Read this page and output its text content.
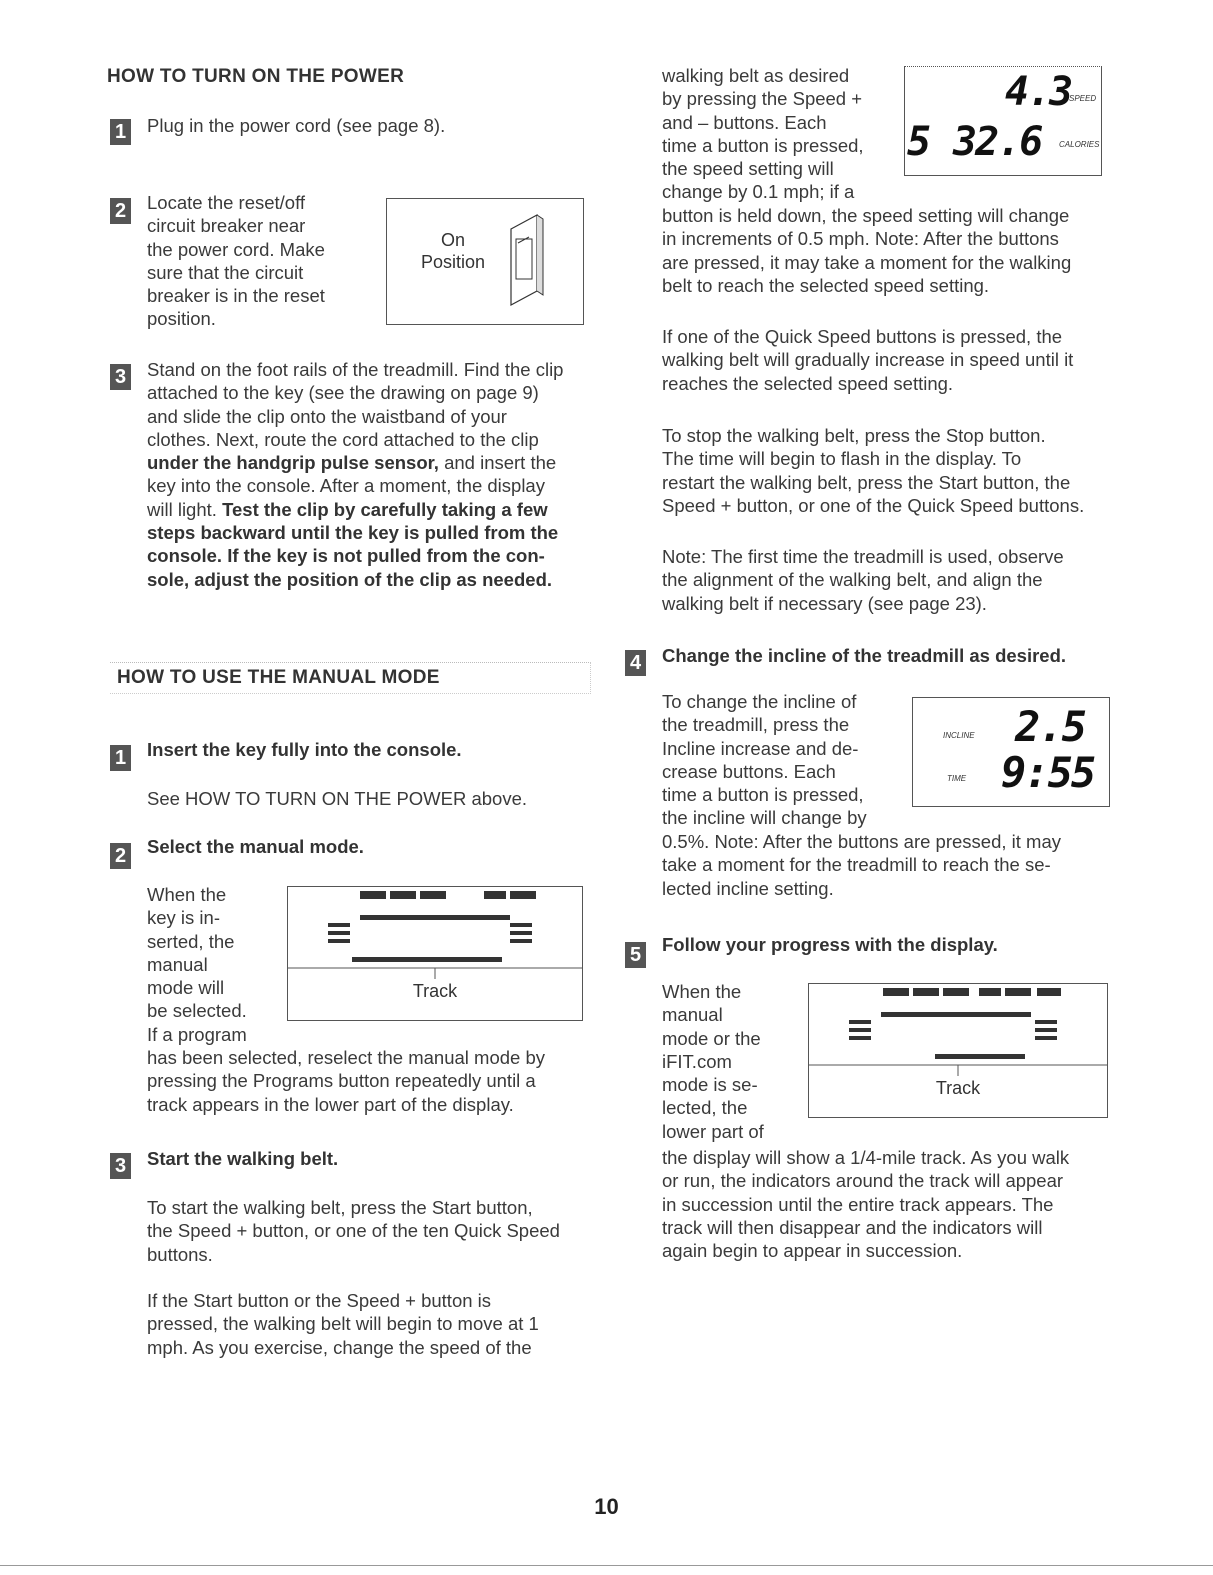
HOW TO TURN ON THE POWER
1 Plug in the power cord (see page 8).
2 Locate the reset/off
circuit breaker near
the power cord. Make
sure that the circuit
breaker is in the reset
position.
On
Position
3 Stand on the foot rails of the treadmill. Find the clip
attached to the key (see the drawing on page 9)
and slide the clip onto the waistband of your
clothes. Next, route the cord attached to the clip
under the handgrip pulse sensor, and insert the
key into the console. After a moment, the display
will light. Test the clip by carefully taking a few
steps backward until the key is pulled from the
console. If the key is not pulled from the con-
sole, adjust the position of the clip as needed.
HOW TO USE THE MANUAL MODE
1 Insert the key fully into the console.
See HOW TO TURN ON THE POWER above.
2 Select the manual mode.
When the
key is in-
serted, the
manual
mode will
be selected.
If a program
has been selected, reselect the manual mode by
pressing the Programs button repeatedly until a
track appears in the lower part of the display.
Track
3 Start the walking belt.
To start the walking belt, press the Start button,
the Speed + button, or one of the ten Quick Speed
buttons.
If the Start button or the Speed + button is
pressed, the walking belt will begin to move at 1
mph. As you exercise, change the speed of the
walking belt as desired
by pressing the Speed +
and – buttons. Each
time a button is pressed,
the speed setting will
change by 0.1 mph; if a
4.3
SPEED
5 32.6 CALORIES
button is held down, the speed setting will change
in increments of 0.5 mph. Note: After the buttons
are pressed, it may take a moment for the walking
belt to reach the selected speed setting.
If one of the Quick Speed buttons is pressed, the
walking belt will gradually increase in speed until it
reaches the selected speed setting.
To stop the walking belt, press the Stop button.
The time will begin to flash in the display. To
restart the walking belt, press the Start button, the
Speed + button, or one of the Quick Speed buttons.
Note: The first time the treadmill is used, observe
the alignment of the walking belt, and align the
walking belt if necessary (see page 23).
4 Change the incline of the treadmill as desired.
To change the incline of
the treadmill, press the
Incline increase and de-
crease buttons. Each
time a button is pressed,
the incline will change by
0.5%. Note: After the buttons are pressed, it may
take a moment for the treadmill to reach the se-
lected incline setting.
INCLINE 2.5
TIME 9:55
5 Follow your progress with the display.
When the
manual
mode or the
iFIT.com
mode is se-
lected, the
lower part of
the display will show a 1/4-mile track. As you walk
or run, the indicators around the track will appear
in succession until the entire track appears. The
track will then disappear and the indicators will
again begin to appear in succession.
Track
10
